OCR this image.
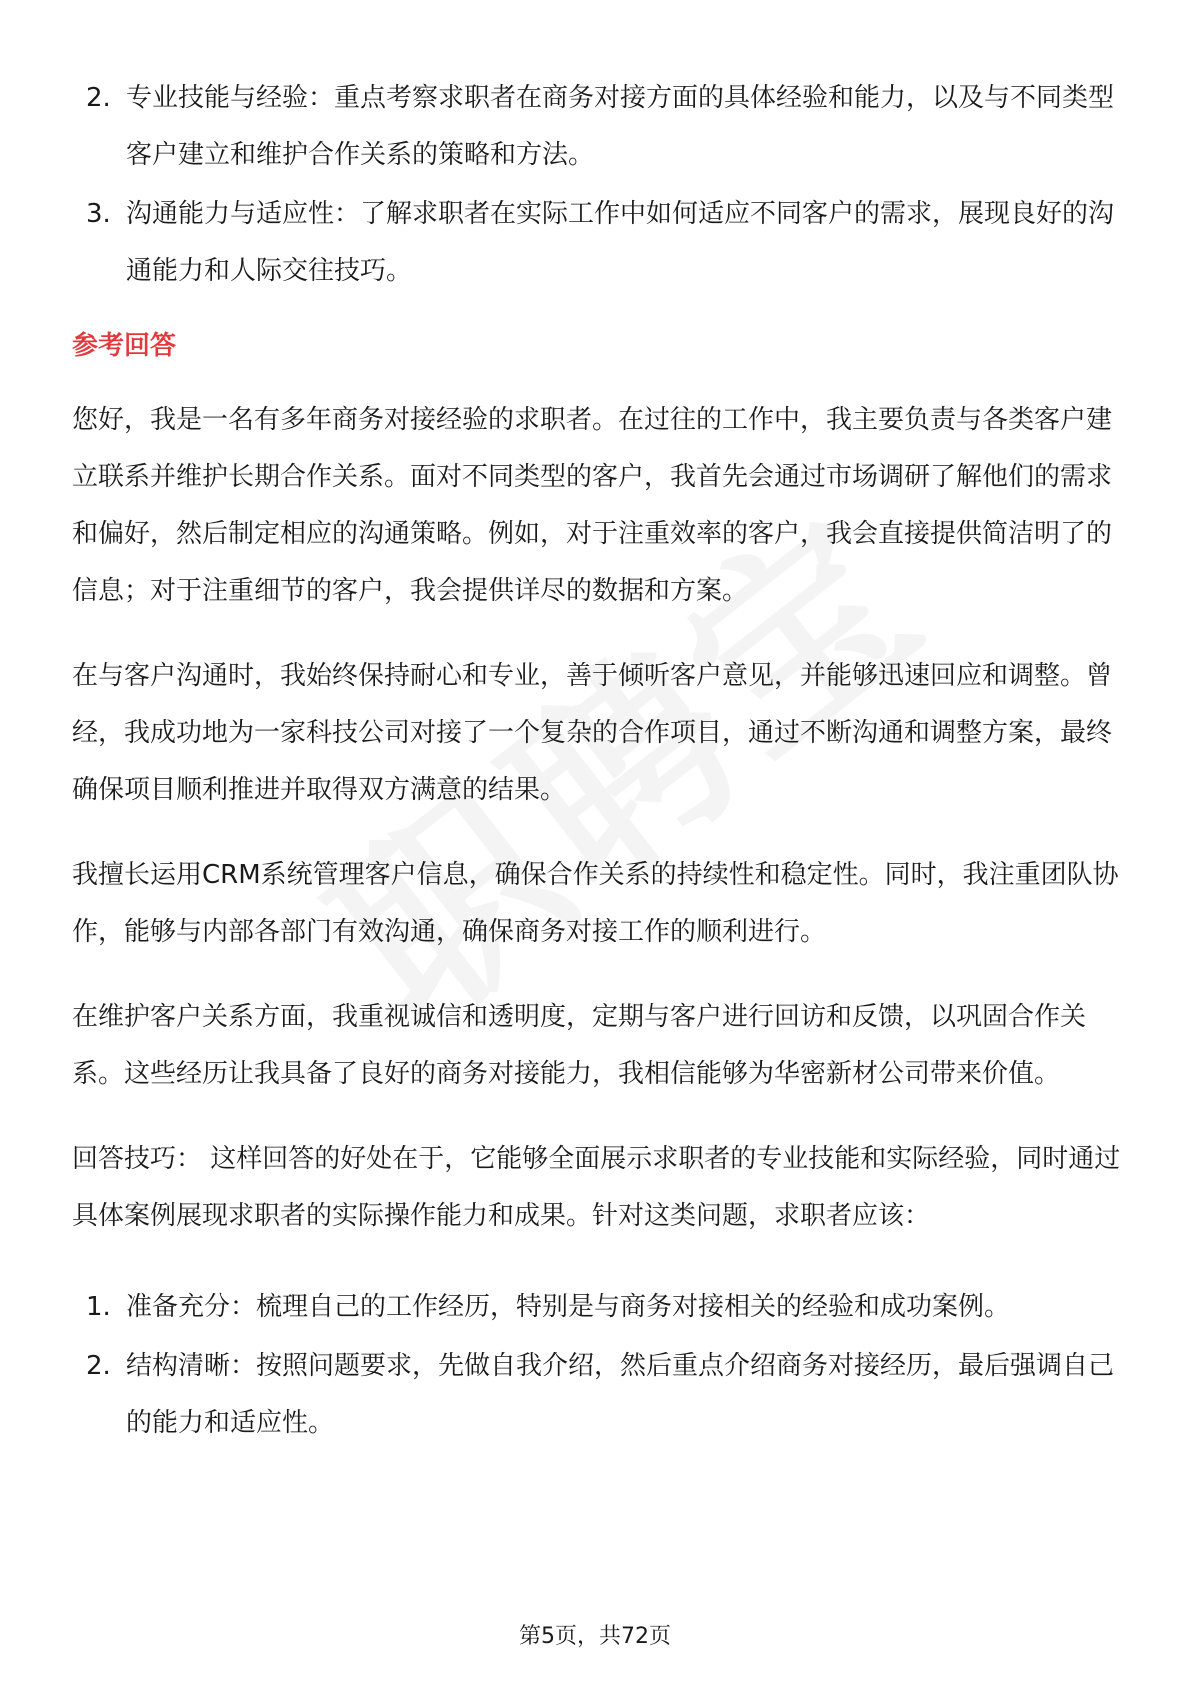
2. 专业技能与经验：重点考察求职者在商务对接方面的具体经验和能力，以及与不同类型客户建立和维护合作关系的策略和方法。
3. 沟通能力与适应性：了解求职者在实际工作中如何适应不同客户的需求，展现良好的沟通能力和人际交往技巧。
参考回答

您好，我是一名有多年商务对接经验的求职者。在过往的工作中，我主要负责与各类客户建立联系并维护长期合作关系。面对不同类型的客户，我首先会通过市场调研了解他们的需求和偏好，然后制定相应的沟通策略。例如，对于注重效率的客户，我会直接提供简洁明了的信息；对于注重细节的客户，我会提供详尽的数据和方案。

在与客户沟通时，我始终保持耐心和专业，善于倾听客户意见，并能够迅速回应和调整。曾经，我成功地为一家科技公司对接了一个复杂的合作项目，通过不断沟通和调整方案，最终确保项目顺利推进并取得双方满意的结果。

我擅长运用CRM系统管理客户信息，确保合作关系的持续性和稳定性。同时，我注重团队协作，能够与内部各部门有效沟通，确保商务对接工作的顺利进行。

在维护客户关系方面，我重视诚信和透明度，定期与客户进行回访和反馈，以巩固合作关系。这些经历让我具备了良好的商务对接能力，我相信能够为华密新材公司带来价值。

回答技巧： 这样回答的好处在于，它能够全面展示求职者的专业技能和实际经验，同时通过具体案例展现求职者的实际操作能力和成果。针对这类问题，求职者应该：

1. 准备充分：梳理自己的工作经历，特别是与商务对接相关的经验和成功案例。
2. 结构清晰：按照问题要求，先做自我介绍，然后重点介绍商务对接经历，最后强调自己的能力和适应性。
第5页，共72页
